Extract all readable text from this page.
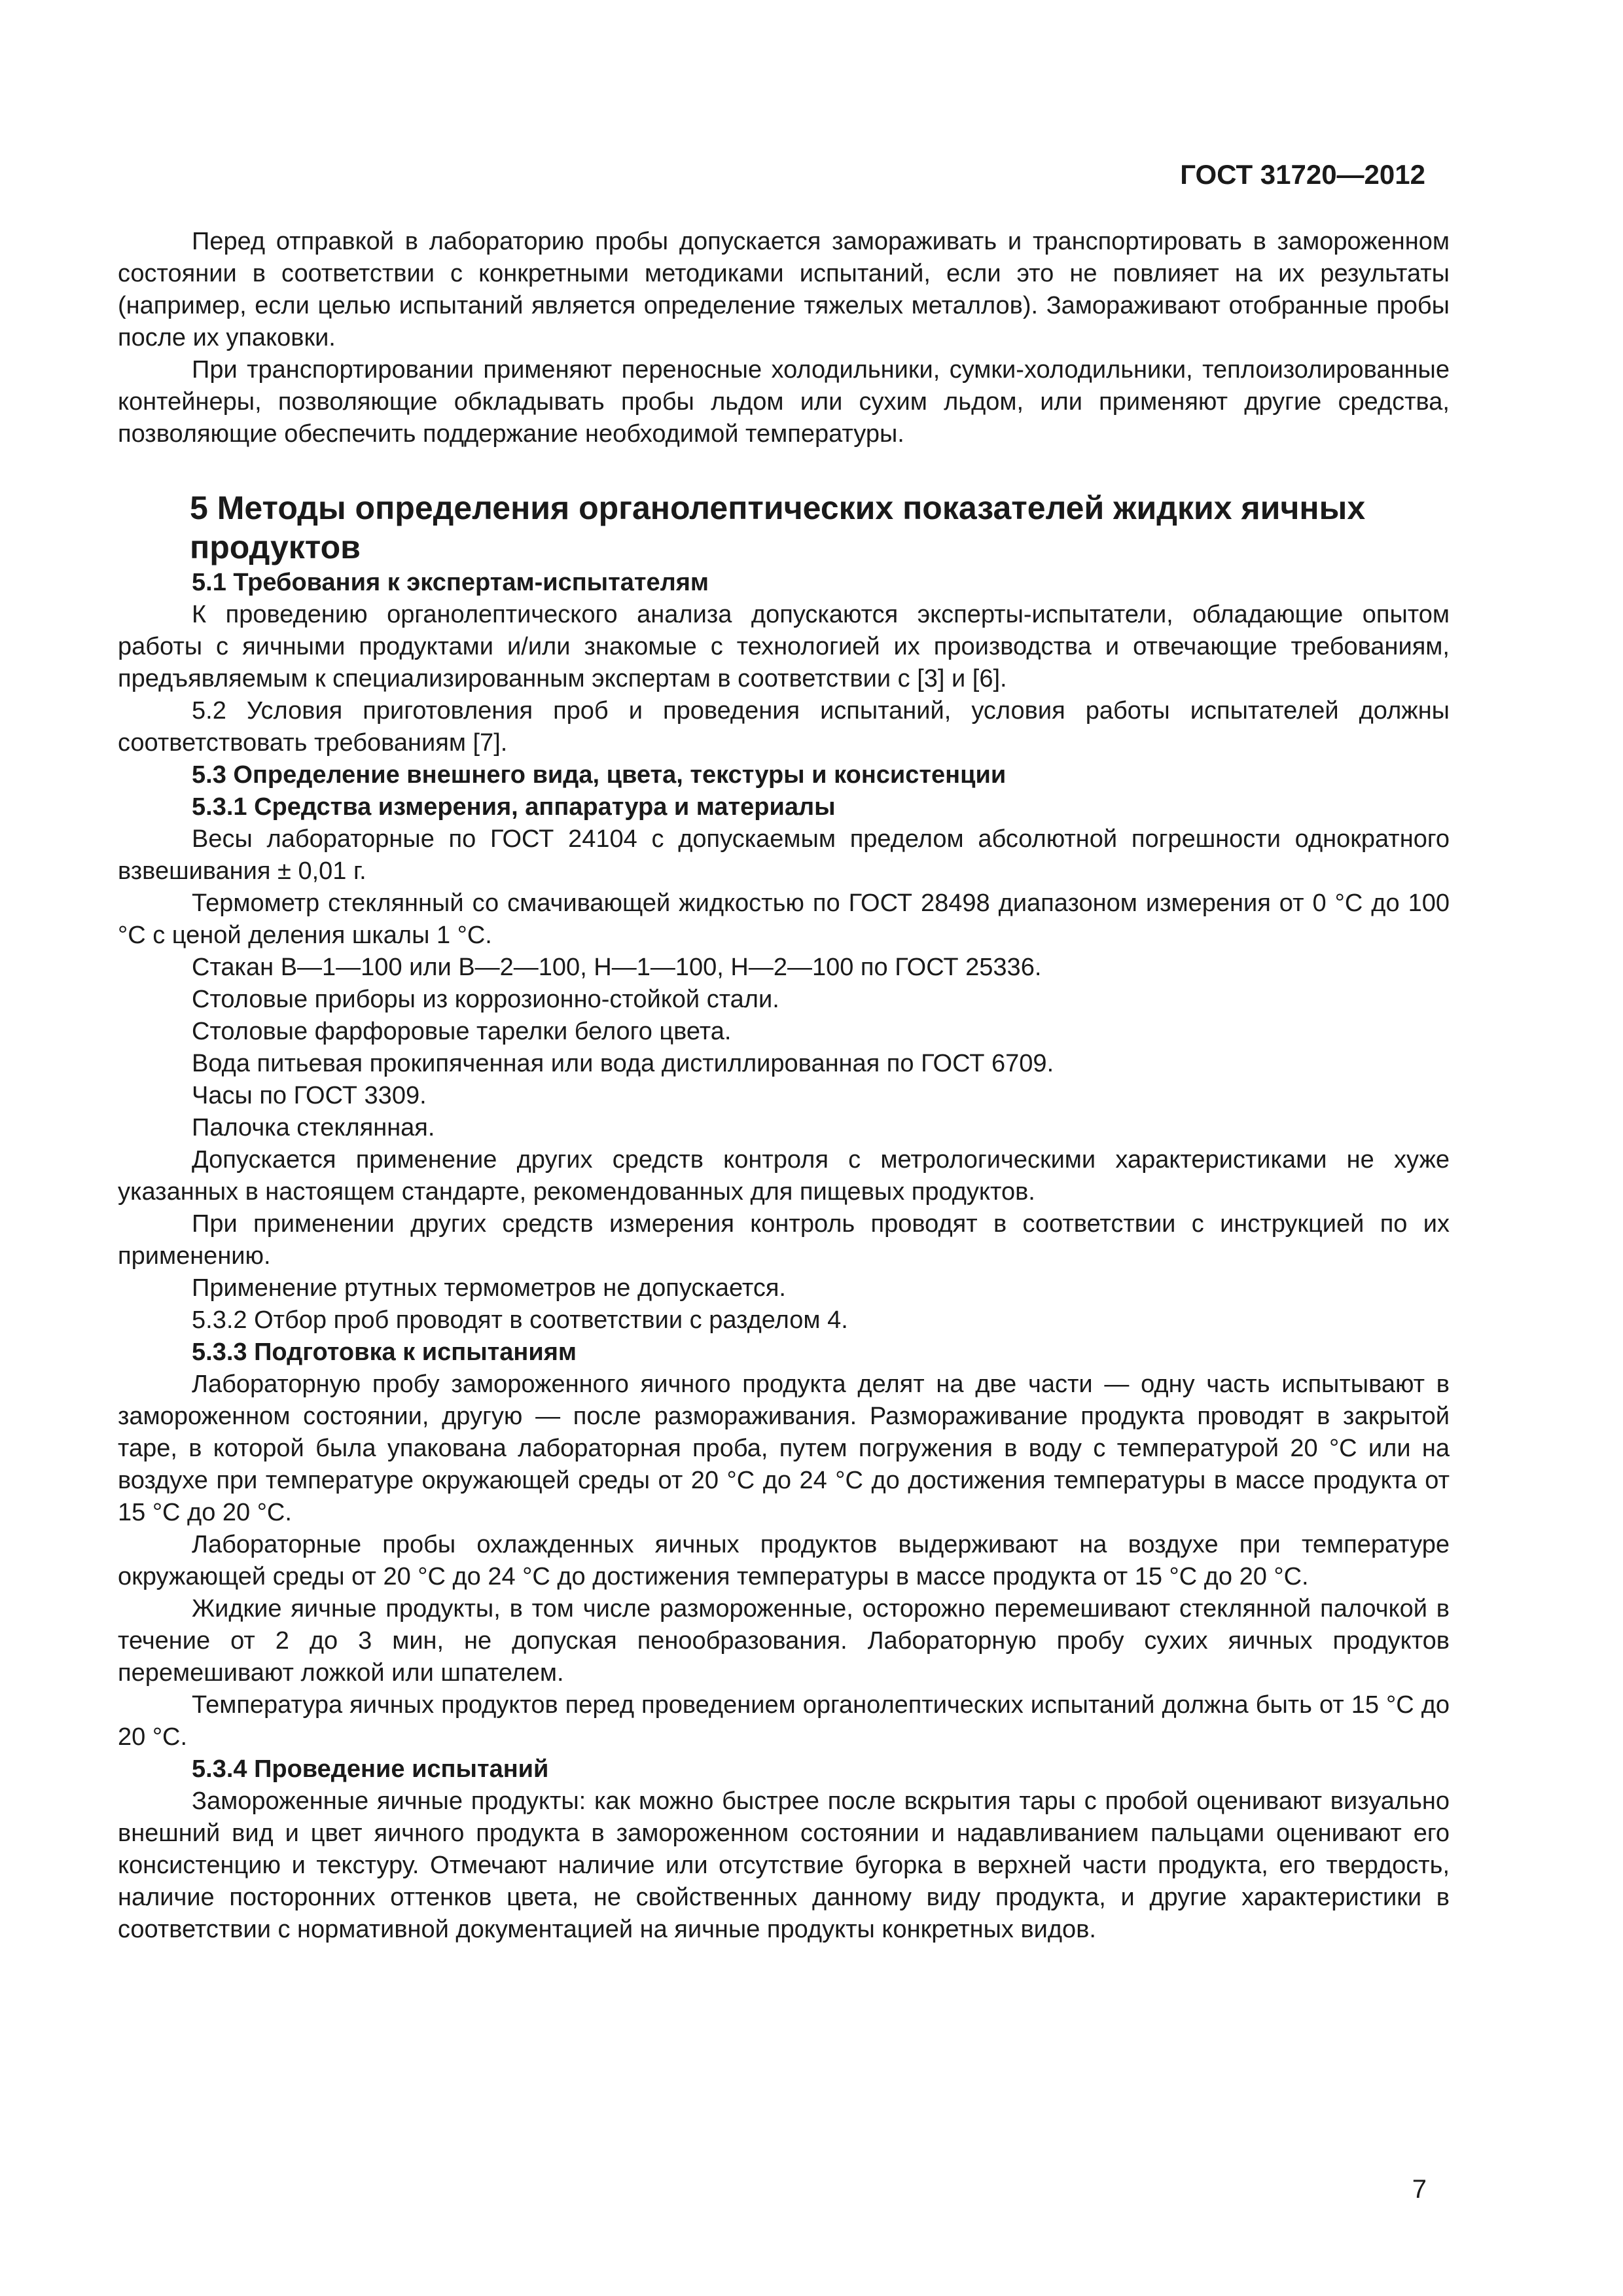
ГОСТ 31720—2012

Перед отправкой в лабораторию пробы допускается замораживать и транспортировать в замороженном состоянии в соответствии с конкретными методиками испытаний, если это не повлияет на их результаты (например, если целью испытаний является определение тяжелых металлов). Замораживают отобранные пробы после их упаковки.

При транспортировании применяют переносные холодильники, сумки-холодильники, теплоизолированные контейнеры, позволяющие обкладывать пробы льдом или сухим льдом, или применяют другие средства, позволяющие обеспечить поддержание необходимой температуры.

5 Методы определения органолептических показателей жидких яичных продуктов

5.1 Требования к экспертам-испытателям

К проведению органолептического анализа допускаются эксперты-испытатели, обладающие опытом работы с яичными продуктами и/или знакомые с технологией их производства и отвечающие требованиям, предъявляемым к специализированным экспертам в соответствии с [3] и [6].

5.2 Условия приготовления проб и проведения испытаний, условия работы испытателей должны соответствовать требованиям [7].

5.3 Определение внешнего вида, цвета, текстуры и консистенции

5.3.1 Средства измерения, аппаратура и материалы

Весы лабораторные по ГОСТ 24104 с допускаемым пределом абсолютной погрешности однократного взвешивания ± 0,01 г.

Термометр стеклянный со смачивающей жидкостью по ГОСТ 28498 диапазоном измерения от 0 °С до 100 °С с ценой деления шкалы 1 °С.

Стакан В—1—100 или В—2—100, Н—1—100, Н—2—100 по ГОСТ 25336.

Столовые приборы из коррозионно-стойкой стали.

Столовые фарфоровые тарелки белого цвета.

Вода питьевая прокипяченная или вода дистиллированная по ГОСТ 6709.

Часы по ГОСТ 3309.

Палочка стеклянная.

Допускается применение других средств контроля с метрологическими характеристиками не хуже указанных в настоящем стандарте, рекомендованных для пищевых продуктов.

При применении других средств измерения контроль проводят в соответствии с инструкцией по их применению.

Применение ртутных термометров не допускается.

5.3.2 Отбор проб проводят в соответствии с разделом 4.

5.3.3 Подготовка к испытаниям

Лабораторную пробу замороженного яичного продукта делят на две части — одну часть испытывают в замороженном состоянии, другую — после размораживания. Размораживание продукта проводят в закрытой таре, в которой была упакована лабораторная проба, путем погружения в воду с температурой 20 °С или на воздухе при температуре окружающей среды от 20 °С до 24 °С до достижения температуры в массе продукта от 15 °С до 20 °С.

Лабораторные пробы охлажденных яичных продуктов выдерживают на воздухе при температуре окружающей среды от 20 °С до 24 °С до достижения температуры в массе продукта от 15 °С до 20 °С.

Жидкие яичные продукты, в том числе размороженные, осторожно перемешивают стеклянной палочкой в течение от 2 до 3 мин, не допуская пенообразования. Лабораторную пробу сухих яичных продуктов перемешивают ложкой или шпателем.

Температура яичных продуктов перед проведением органолептических испытаний должна быть от 15 °С до 20 °С.

5.3.4 Проведение испытаний

Замороженные яичные продукты: как можно быстрее после вскрытия тары с пробой оценивают визуально внешний вид и цвет яичного продукта в замороженном состоянии и надавливанием пальцами оценивают его консистенцию и текстуру. Отмечают наличие или отсутствие бугорка в верхней части продукта, его твердость, наличие посторонних оттенков цвета, не свойственных данному виду продукта, и другие характеристики в соответствии с нормативной документацией на яичные продукты конкретных видов.

7
